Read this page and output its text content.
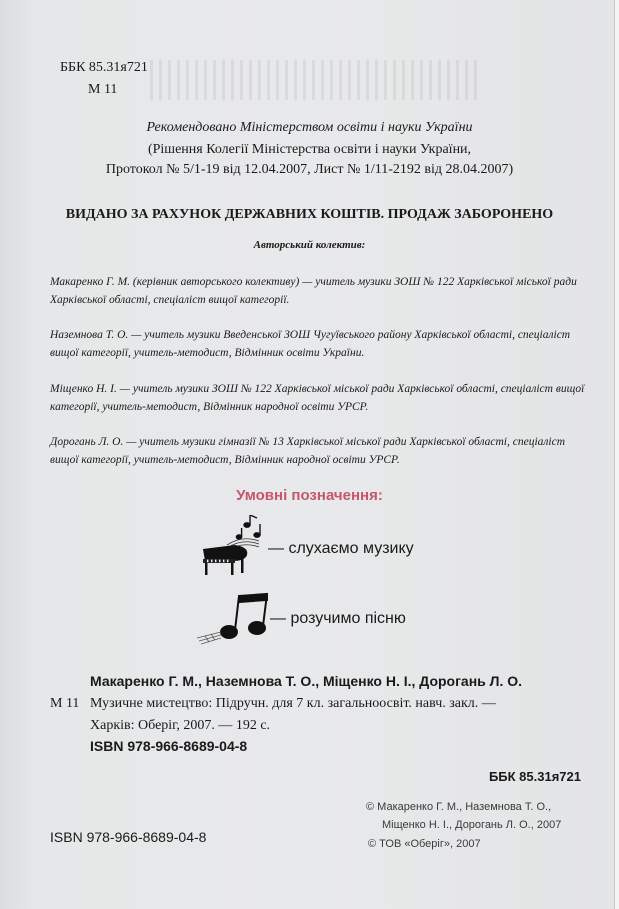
ББК 85.31я721
М 11
Рекомендовано Міністерством освіти і науки України
(Рішення Колегії Міністерства освіти і науки України,
Протокол № 5/1-19 від 12.04.2007, Лист № 1/11-2192 від 28.04.2007)
ВИДАНО ЗА РАХУНОК ДЕРЖАВНИХ КОШТІВ. ПРОДАЖ ЗАБОРОНЕНО
Авторський колектив:
Макаренко Г. М. (керівник авторського колективу) — учитель музики ЗОШ № 122 Харківської міської ради Харківської області, спеціаліст вищої категорії.
Наземнова Т. О. — учитель музики Введенської ЗОШ Чугуївського району Харківської області, спеціаліст вищої категорії, учитель-методист, Відмінник освіти України.
Міщенко Н. І. — учитель музики ЗОШ № 122 Харківської міської ради Харківської області, спеціаліст вищої категорії, учитель-методист, Відмінник народної освіти УРСР.
Дорогань Л. О. — учитель музики гімназії № 13 Харківської міської ради Харківської області, спеціаліст вищої категорії, учитель-методист, Відмінник народної освіти УРСР.
Умовні позначення:
— слухаємо музику
— розучимо пісню
Макаренко Г. М., Наземнова Т. О., Міщенко Н. І., Дорогань Л. О.
М 11 Музичне мистецтво: Підручн. для 7 кл. загальноосвіт. навч. закл. —
Харків: Оберіг, 2007. — 192 с.
ISBN 978-966-8689-04-8
ББК 85.31я721
© Макаренко Г. М., Наземнова Т. О.,
Міщенко Н. І., Дорогань Л. О., 2007
© ТОВ «Оберіг», 2007
ISBN 978-966-8689-04-8
